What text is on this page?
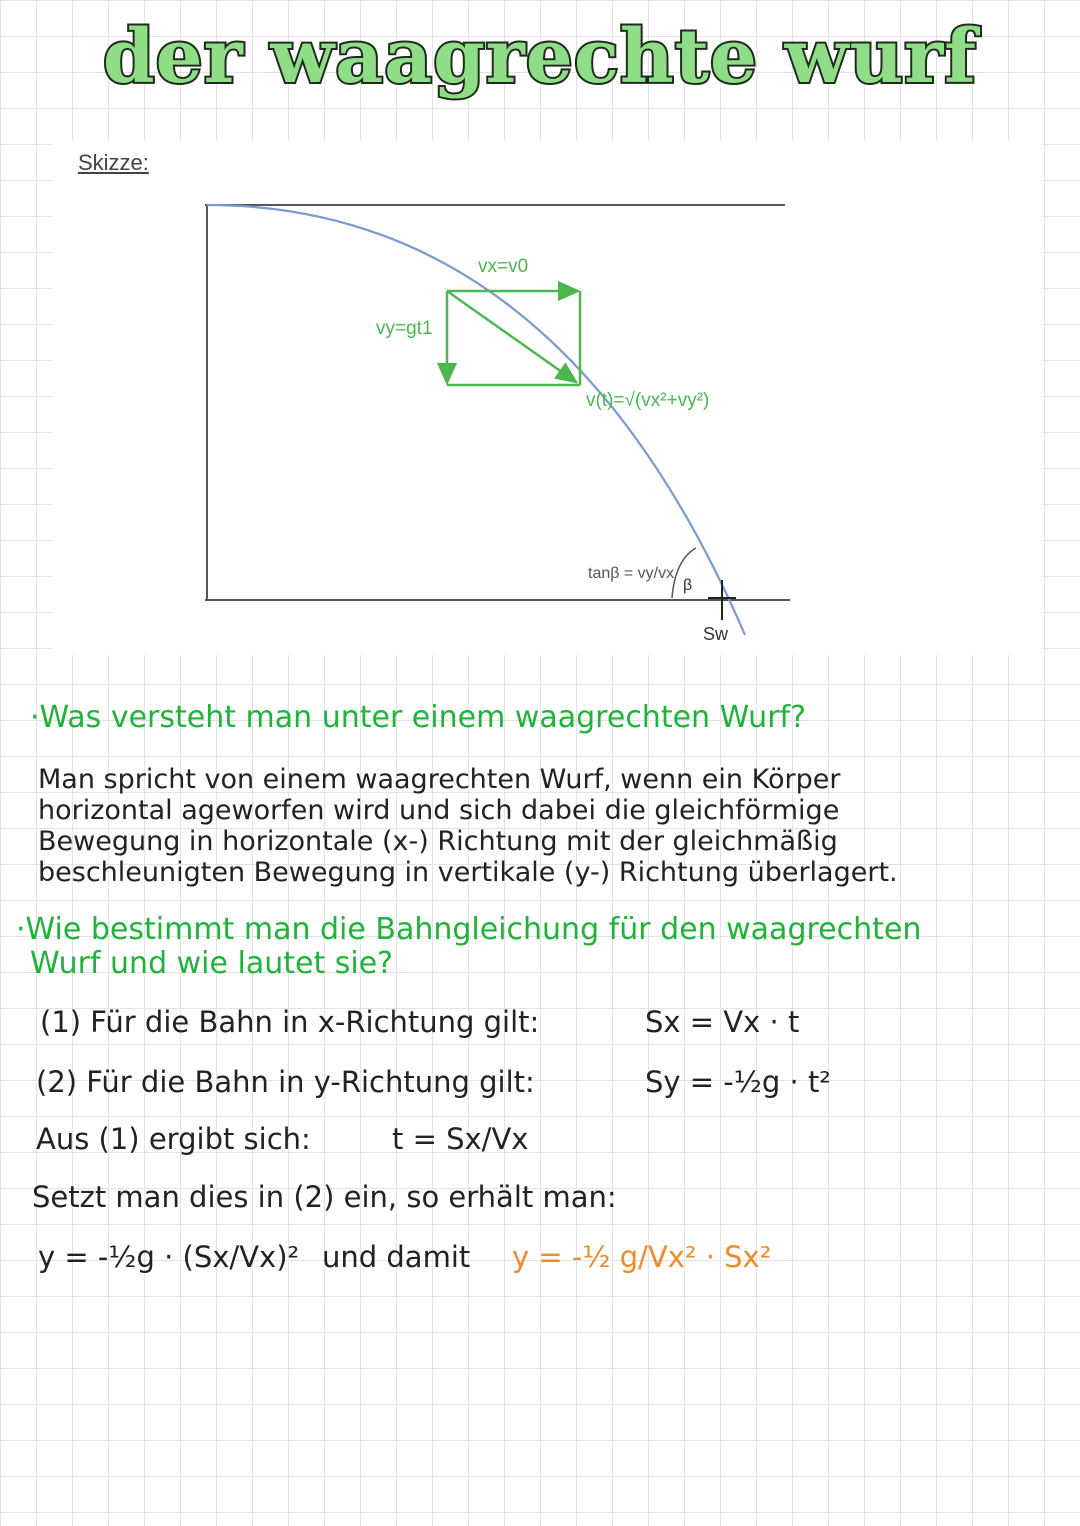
der waagrechte wurf
Skizze:
vx=v0
vy=gt1
v(t)=√(vx²+vy²)
tanβ = vy/vx
β
Sw
·Was versteht man unter einem waagrechten Wurf?
Man spricht von einem waagrechten Wurf, wenn ein Körper
horizontal ageworfen wird und sich dabei die gleichförmige
Bewegung in horizontale (x-) Richtung mit der gleichmäßig
beschleunigten Bewegung in vertikale (y-) Richtung überlagert.
·Wie bestimmt man die Bahngleichung für den waagrechten
Wurf und wie lautet sie?
(1) Für die Bahn in x-Richtung gilt:	Sx = Vx · t
(2) Für die Bahn in y-Richtung gilt:	Sy = -½g · t²
Aus (1) ergibt sich:	t = Sx/Vx
Setzt man dies in (2) ein, so erhält man:
y = -½g · (Sx/Vx)² und damit y = -½ g/Vx² · Sx²
